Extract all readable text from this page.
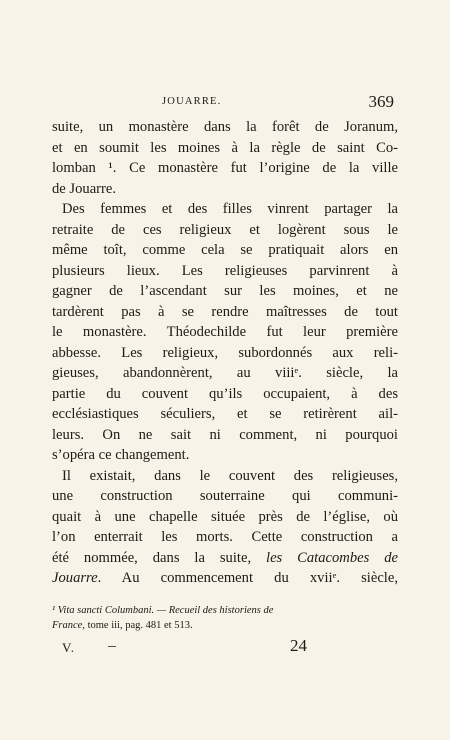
JOUARRE.	369
suite, un monastère dans la forêt de Joranum,
et en soumit les moines à la règle de saint Co-
lomban ¹. Ce monastère fut l’origine de la ville
de Jouarre.
Des femmes et des filles vinrent partager la
retraite de ces religieux et logèrent sous le
même toît, comme cela se pratiquait alors en
plusieurs lieux. Les religieuses parvinrent à
gagner de l’ascendant sur les moines, et ne
tardèrent pas à se rendre maîtresses de tout
le monastère. Théodechilde fut leur première
abbesse. Les religieux, subordonnés aux reli-
gieuses, abandonnèrent, au viiiᵉ. siècle, la
partie du couvent qu’ils occupaient, à des
ecclésiastiques séculiers, et se retirèrent ail-
leurs. On ne sait ni comment, ni pourquoi
s’opéra ce changement.
Il existait, dans le couvent des religieuses,
une construction souterraine qui communi-
quait à une chapelle située près de l’église, où
l’on enterrait les morts. Cette construction a
été nommée, dans la suite, les Catacombes de
Jouarre. Au commencement du xviiᵉ. siècle,
¹ Vita sancti Columbani. — Recueil des historiens de
France, tome iii, pag. 481 et 513.
V.	24
